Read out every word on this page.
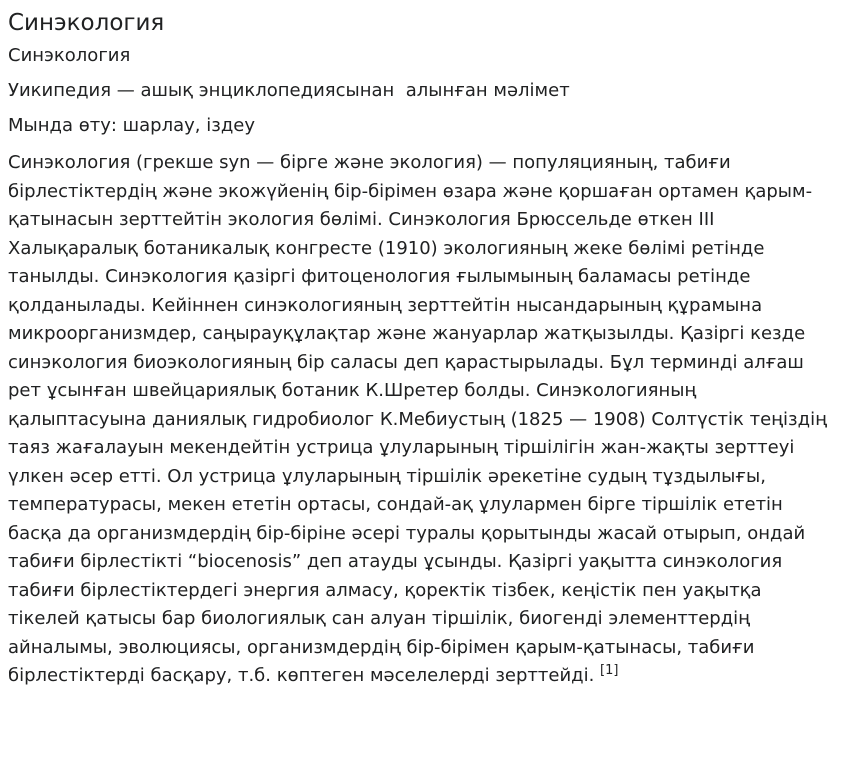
Синэкология
Синэкология
Уикипедия — ашық энциклопедиясынан  алынған мәлімет
Мында өту: шарлау, іздеу

Синэкология (грекше syn — бірге және экология) — популяцияның, табиғи бірлестіктердің және экожүйенің бір-бірімен өзара және қоршаған ортамен қарым-қатынасын зерттейтін экология бөлімі. Синэкология Брюссельде өткен ІІІ Халықаралық ботаникалық конгресте (1910) экологияның жеке бөлімі ретінде танылды. Синэкология қазіргі фитоценология ғылымының баламасы ретінде қолданылады. Кейіннен синэкологияның зерттейтін нысандарының құрамына микроорганизмдер, саңырауқұлақтар және жануарлар жатқызылды. Қазіргі кезде синэкология биоэкологияның бір саласы деп қарастырылады. Бұл терминді алғаш рет ұсынған швейцариялық ботаник К.Шретер болды. Синэкологияның қалыптасуына даниялық гидробиолог К.Мебиустың (1825 — 1908) Солтүстік теңіздің таяз жағалауын мекендейтін устрица ұлуларының тіршілігін жан-жақты зерттеуі үлкен әсер етті. Ол устрица ұлуларының тіршілік әрекетіне судың тұздылығы, температурасы, мекен ететін ортасы, сондай-ақ ұлулармен бірге тіршілік ететін басқа да организмдердің бір-біріне әсері туралы қорытынды жасай отырып, ондай табиғи бірлестікті “biocenosis” деп атауды ұсынды. Қазіргі уақытта синэкология табиғи бірлестіктердегі энергия алмасу, қоректік тізбек, кеңістік пен уақытқа тікелей қатысы бар биологиялық сан алуан тіршілік, биогенді элементтердің айналымы, эволюциясы, организмдердің бір-бірімен қарым-қатынасы, табиғи бірлестіктерді басқару, т.б. көптеген мәселелерді зерттейді. [1]
